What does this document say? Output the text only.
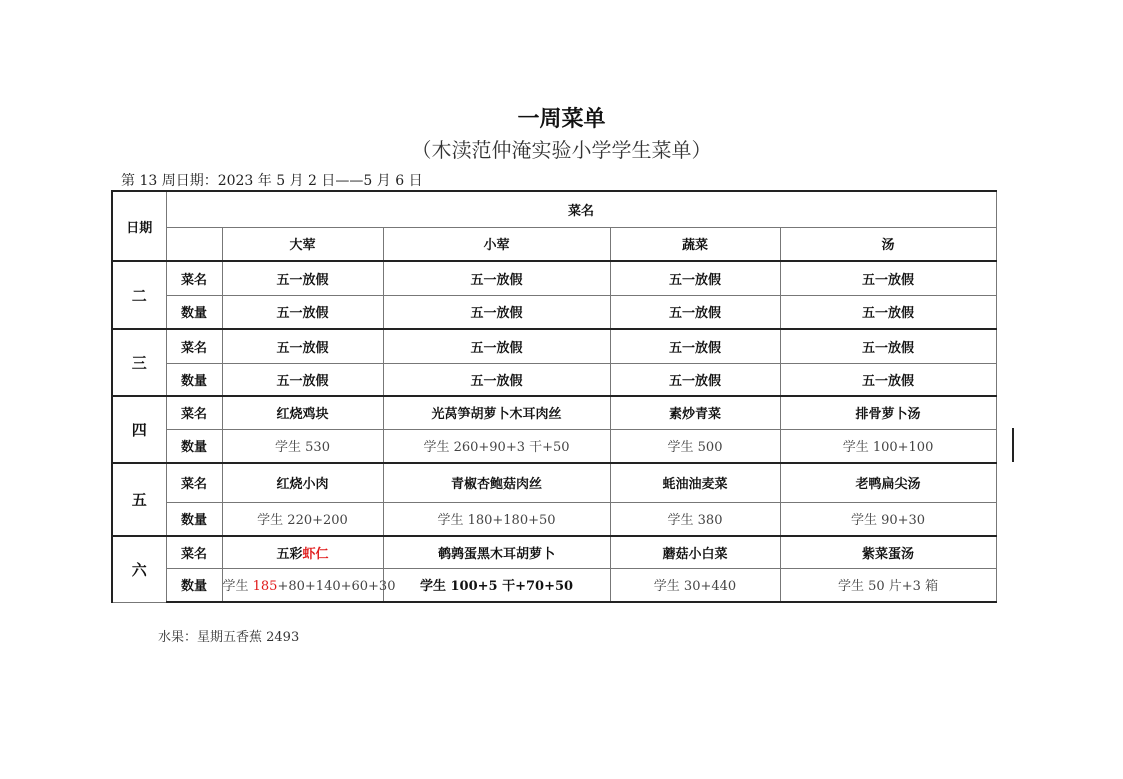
一周菜单
（木渎范仲淹实验小学学生菜单）
第 13 周日期：2023 年 5 月 2 日——5 月 6 日
日期	菜名				
		大荤	小荤	蔬菜	汤
二	菜名	五一放假	五一放假	五一放假	五一放假
	数量	五一放假	五一放假	五一放假	五一放假
三	菜名	五一放假	五一放假	五一放假	五一放假
	数量	五一放假	五一放假	五一放假	五一放假
四	菜名	红烧鸡块	光莴笋胡萝卜木耳肉丝	素炒青菜	排骨萝卜汤
	数量	学生 530	学生 260+90+3 干+50	学生 500	学生 100+100
五	菜名	红烧小肉	青椒杏鲍菇肉丝	蚝油油麦菜	老鸭扁尖汤
	数量	学生 220+200	学生 180+180+50	学生 380	学生 90+30
六	菜名	五彩虾仁	鹌鹑蛋黑木耳胡萝卜	蘑菇小白菜	紫菜蛋汤
	数量	学生 185+80+140+60+30	学生 100+5 干+70+50	学生 30+440	学生 50 片+3 箱
水果：星期五香蕉 2493
